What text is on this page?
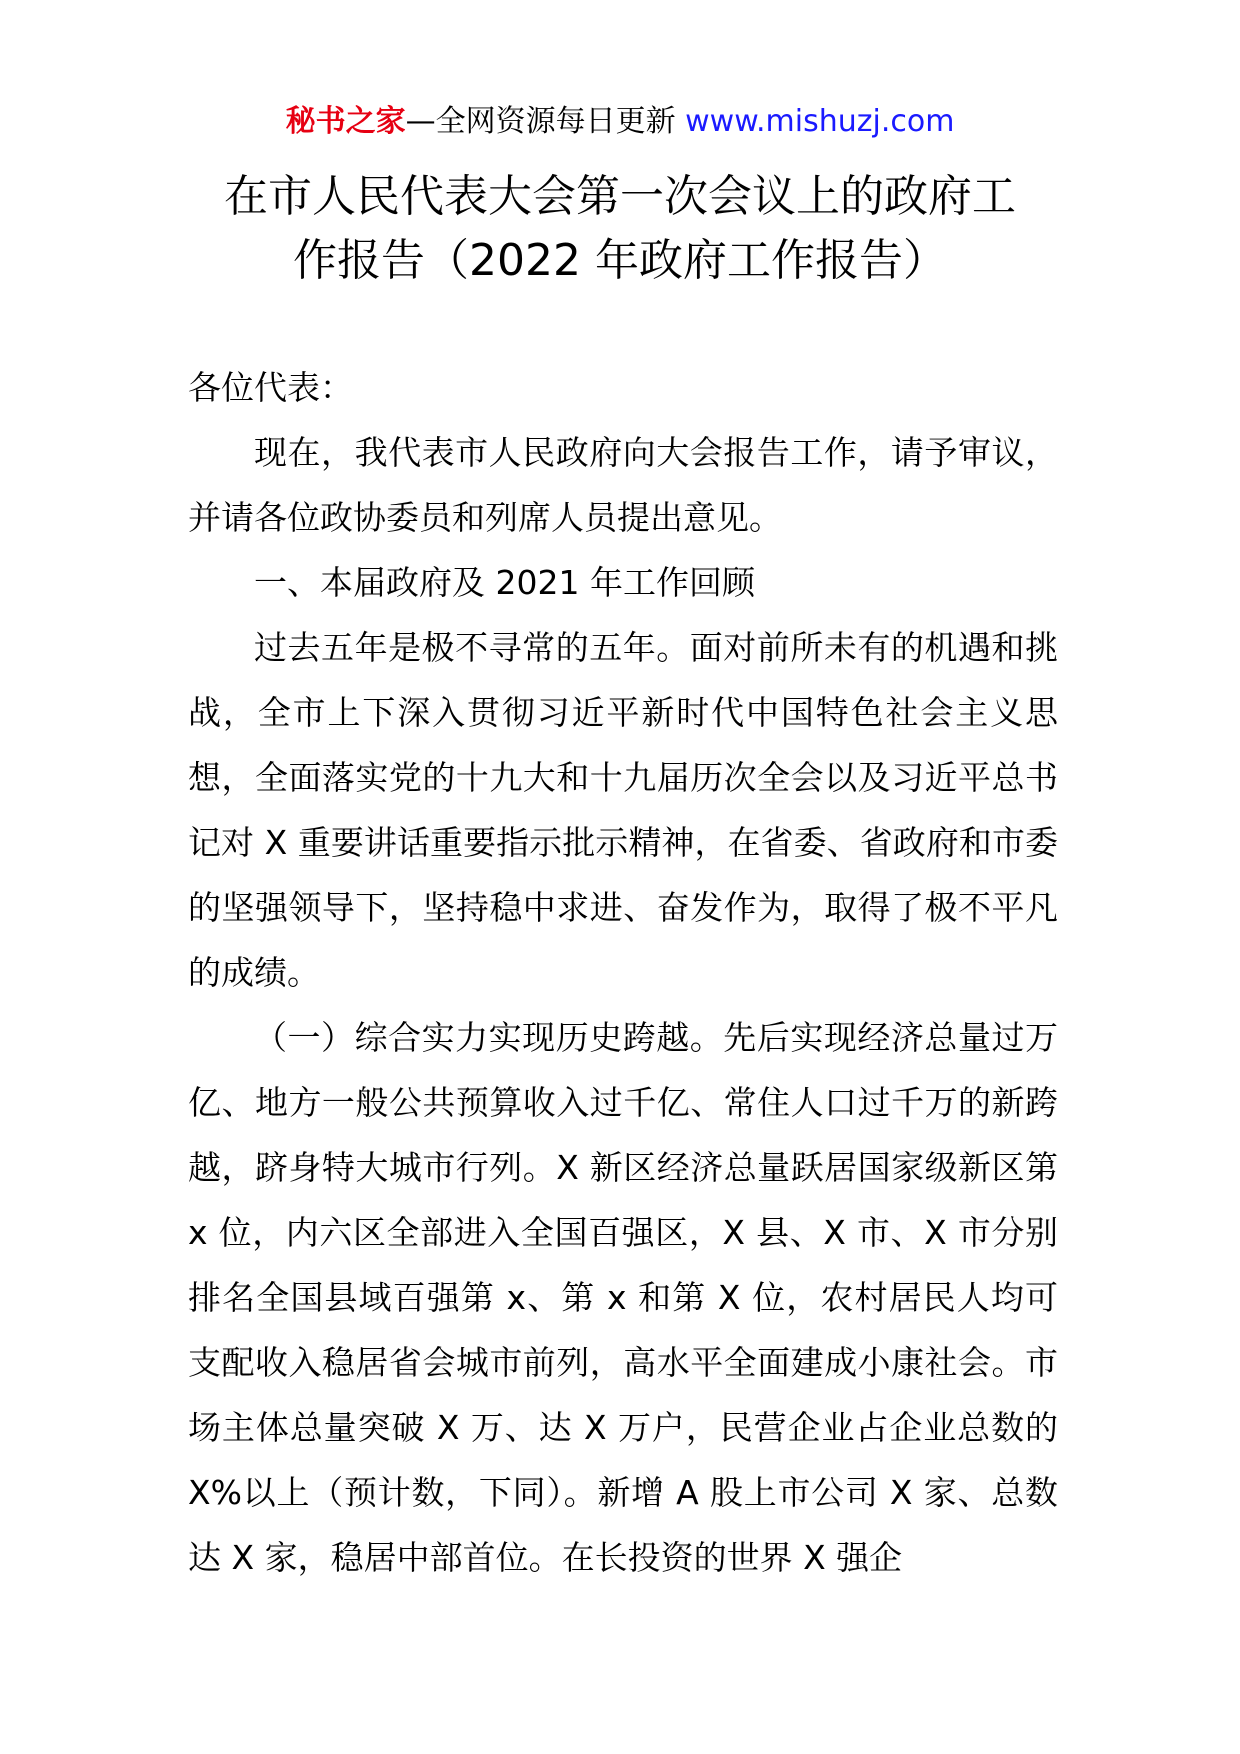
秘书之家—全网资源每日更新 www.mishuzj.com
在市人民代表大会第一次会议上的政府工
作报告（2022 年政府工作报告）

各位代表：

现在，我代表市人民政府向大会报告工作，请予审议，并请各位政协委员和列席人员提出意见。

一、本届政府及 2021 年工作回顾

过去五年是极不寻常的五年。面对前所未有的机遇和挑战，全市上下深入贯彻习近平新时代中国特色社会主义思想，全面落实党的十九大和十九届历次全会以及习近平总书记对 X 重要讲话重要指示批示精神，在省委、省政府和市委的坚强领导下，坚持稳中求进、奋发作为，取得了极不平凡的成绩。

（一）综合实力实现历史跨越。先后实现经济总量过万亿、地方一般公共预算收入过千亿、常住人口过千万的新跨越，跻身特大城市行列。X 新区经济总量跃居国家级新区第 x 位，内六区全部进入全国百强区，X 县、X 市、X 市分别排名全国县域百强第 x、第 x 和第 X 位，农村居民人均可支配收入稳居省会城市前列，高水平全面建成小康社会。市场主体总量突破 X 万、达 X 万户，民营企业占企业总数的 X%以上（预计数，下同）。新增 A 股上市公司 X 家、总数达 X 家，稳居中部首位。在长投资的世界 X 强企
